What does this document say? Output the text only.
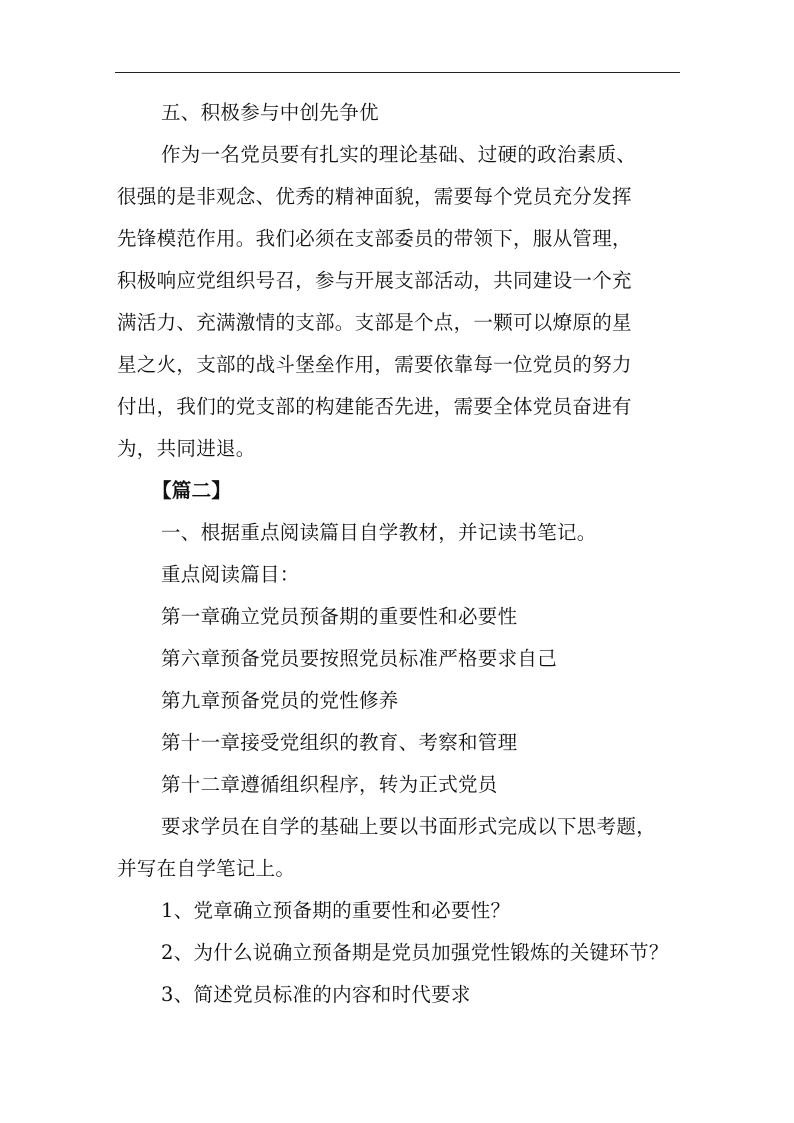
五、积极参与中创先争优
作为一名党员要有扎实的理论基础、过硬的政治素质、
很强的是非观念、优秀的精神面貌，需要每个党员充分发挥
先锋模范作用。我们必须在支部委员的带领下，服从管理，
积极响应党组织号召，参与开展支部活动，共同建设一个充
满活力、充满激情的支部。支部是个点，一颗可以燎原的星
星之火，支部的战斗堡垒作用，需要依靠每一位党员的努力
付出，我们的党支部的构建能否先进，需要全体党员奋进有
为，共同进退。
【篇二】
一、根据重点阅读篇目自学教材，并记读书笔记。
重点阅读篇目：
第一章确立党员预备期的重要性和必要性
第六章预备党员要按照党员标准严格要求自己
第九章预备党员的党性修养
第十一章接受党组织的教育、考察和管理
第十二章遵循组织程序，转为正式党员
要求学员在自学的基础上要以书面形式完成以下思考题，
并写在自学笔记上。
1、党章确立预备期的重要性和必要性？
2、为什么说确立预备期是党员加强党性锻炼的关键环节？
3、简述党员标准的内容和时代要求
